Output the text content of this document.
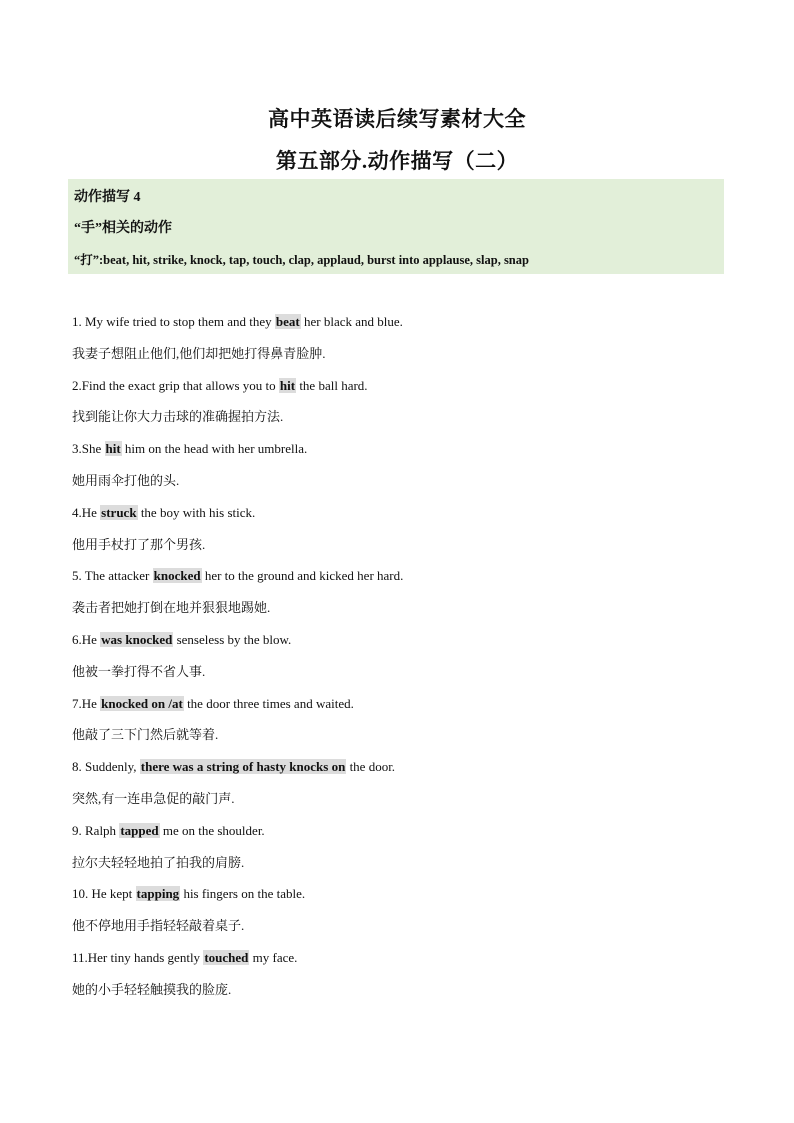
高中英语读后续写素材大全
第五部分.动作描写（二）
动作描写 4
“手”相关的动作
“打”:beat, hit, strike, knock, tap, touch, clap, applaud, burst into applause, slap, snap
1. My wife tried to stop them and they beat her black and blue.
我妻子想阻止他们,他们却把她打得鼻青脸肿.
2.Find the exact grip that allows you to hit the ball hard.
找到能让你大力击球的准确握拍方法.
3.She hit him on the head with her umbrella.
她用雨伞打他的头.
4.He struck the boy with his stick.
他用手杖打了那个男孩.
5. The attacker knocked her to the ground and kicked her hard.
袭击者把她打倒在地并狠狠地踢她.
6.He was knocked senseless by the blow.
他被一拳打得不省人事.
7.He knocked on /at the door three times and waited.
他敲了三下门然后就等着.
8. Suddenly, there was a string of hasty knocks on the door.
突然,有一连串急促的敲门声.
9. Ralph tapped me on the shoulder.
拉尔夫轻轻地拍了拍我的肩膀.
10. He kept tapping his fingers on the table.
他不停地用手指轻轻敲着桌子.
11.Her tiny hands gently touched my face.
她的小手轻轻触摸我的脸庞.
